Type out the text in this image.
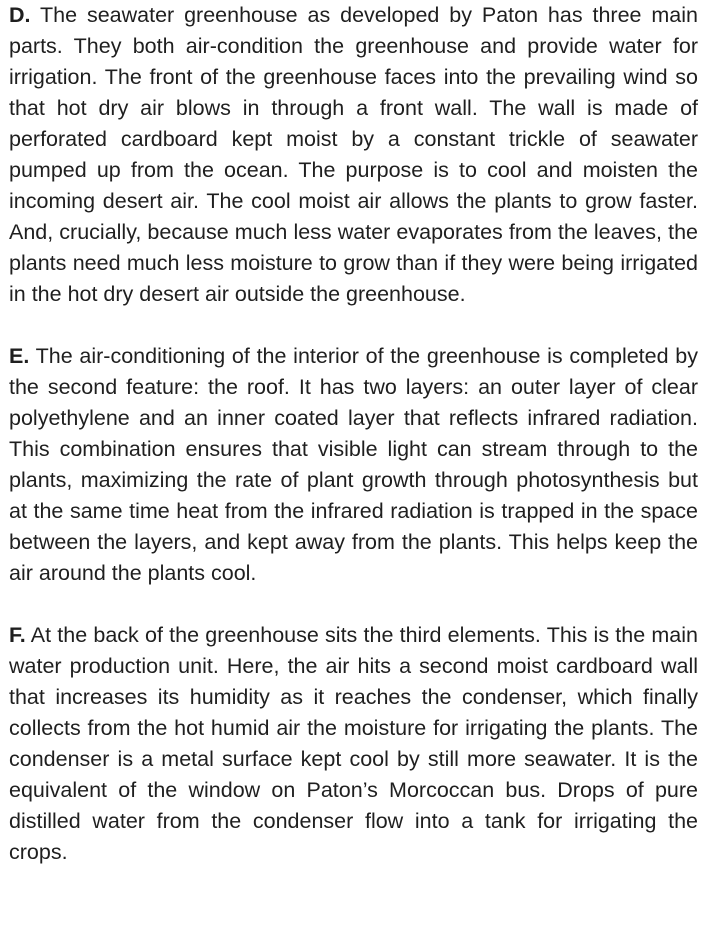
D. The seawater greenhouse as developed by Paton has three main parts. They both air-condition the greenhouse and provide water for irrigation. The front of the greenhouse faces into the prevailing wind so that hot dry air blows in through a front wall. The wall is made of perforated cardboard kept moist by a constant trickle of seawater pumped up from the ocean. The purpose is to cool and moisten the incoming desert air. The cool moist air allows the plants to grow faster. And, crucially, because much less water evaporates from the leaves, the plants need much less moisture to grow than if they were being irrigated in the hot dry desert air outside the greenhouse.

E. The air-conditioning of the interior of the greenhouse is completed by the second feature: the roof. It has two layers: an outer layer of clear polyethylene and an inner coated layer that reflects infrared radiation. This combination ensures that visible light can stream through to the plants, maximizing the rate of plant growth through photosynthesis but at the same time heat from the infrared radiation is trapped in the space between the layers, and kept away from the plants. This helps keep the air around the plants cool.

F. At the back of the greenhouse sits the third elements. This is the main water production unit. Here, the air hits a second moist cardboard wall that increases its humidity as it reaches the condenser, which finally collects from the hot humid air the moisture for irrigating the plants. The condenser is a metal surface kept cool by still more seawater. It is the equivalent of the window on Paton’s Morcoccan bus. Drops of pure distilled water from the condenser flow into a tank for irrigating the crops.
